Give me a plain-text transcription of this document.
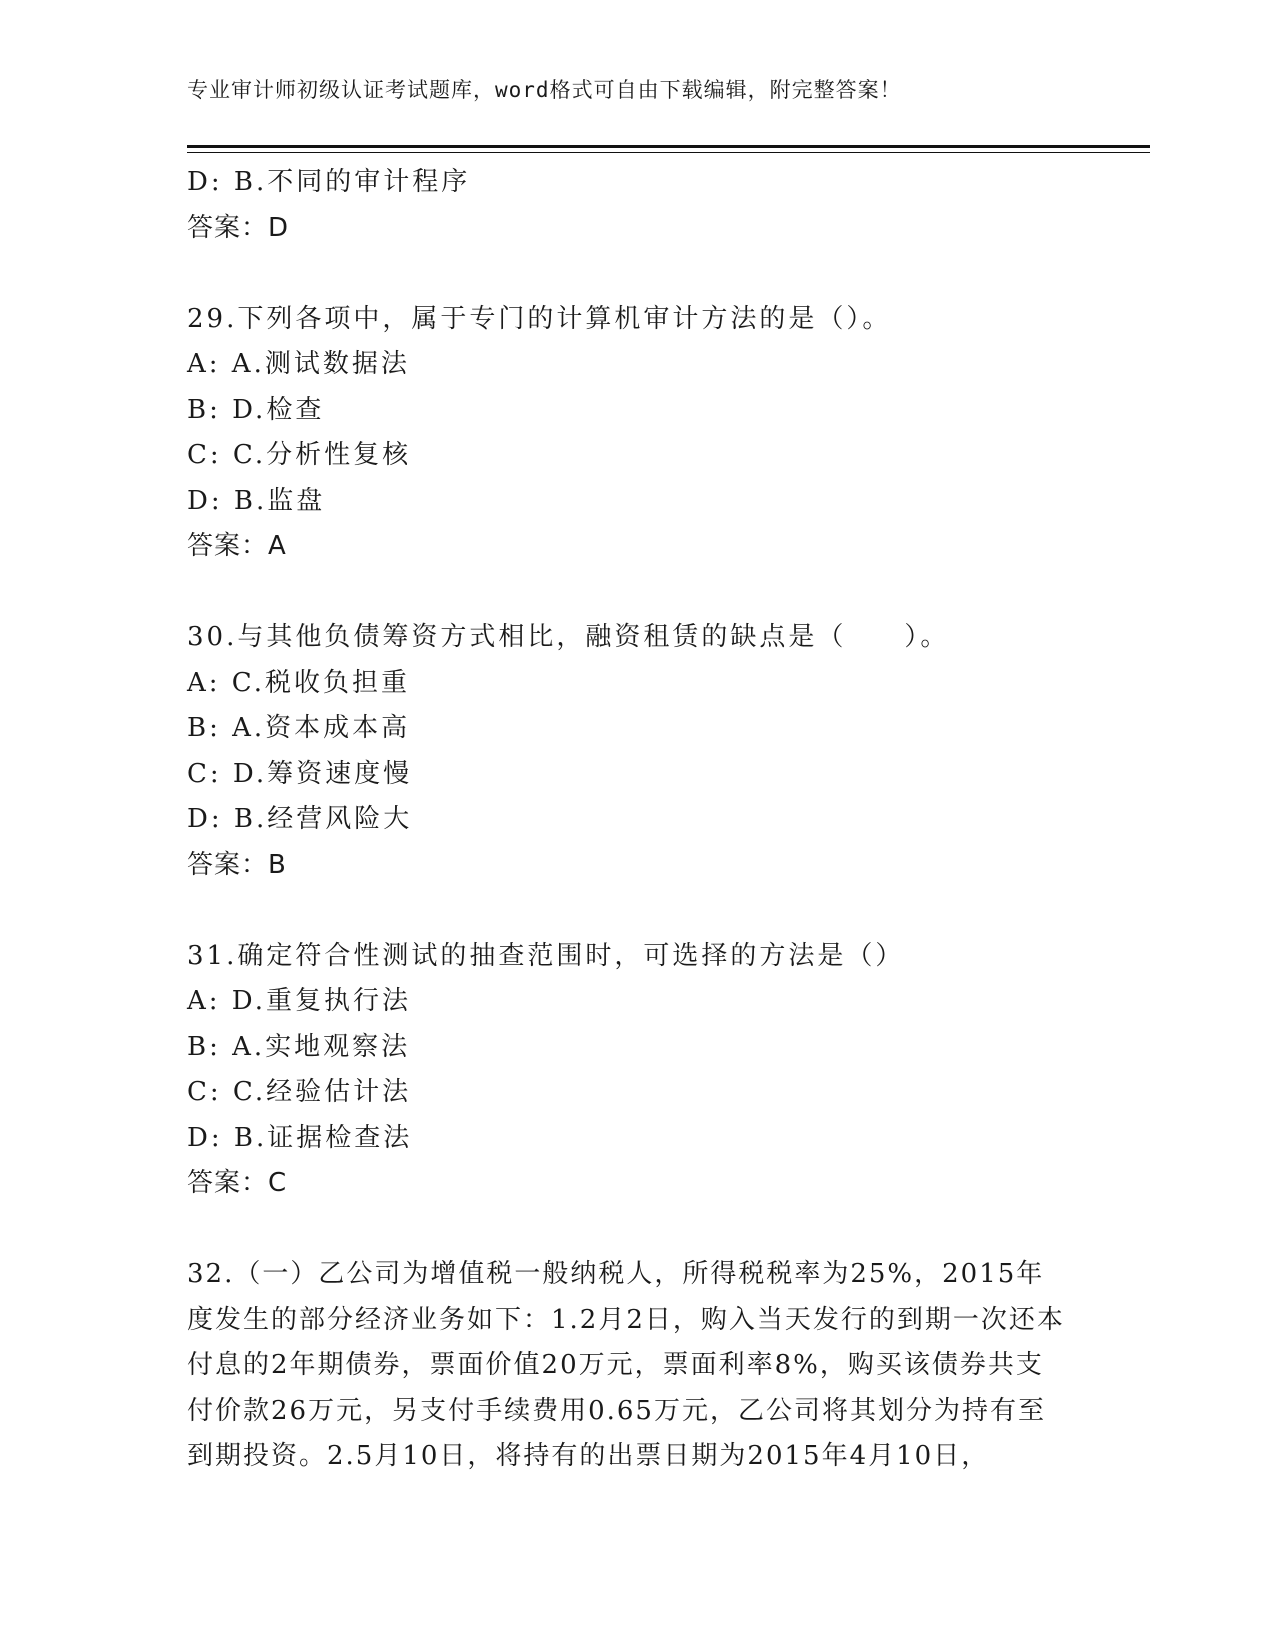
专业审计师初级认证考试题库，word格式可自由下载编辑，附完整答案！
D: B.不同的审计程序
答案：D
29.下列各项中，属于专门的计算机审计方法的是（）。
A: A.测试数据法
B: D.检查
C: C.分析性复核
D: B.监盘
答案：A
30.与其他负债筹资方式相比，融资租赁的缺点是（　　）。
A: C.税收负担重
B: A.资本成本高
C: D.筹资速度慢
D: B.经营风险大
答案：B
31.确定符合性测试的抽查范围时，可选择的方法是（）
A: D.重复执行法
B: A.实地观察法
C: C.经验估计法
D: B.证据检查法
答案：C
32.（一）乙公司为增值税一般纳税人，所得税税率为25%，2015年度发生的部分经济业务如下：1.2月2日，购入当天发行的到期一次还本付息的2年期债券，票面价值20万元，票面利率8%，购买该债券共支付价款26万元，另支付手续费用0.65万元，乙公司将其划分为持有至到期投资。2.5月10日，将持有的出票日期为2015年4月10日，
